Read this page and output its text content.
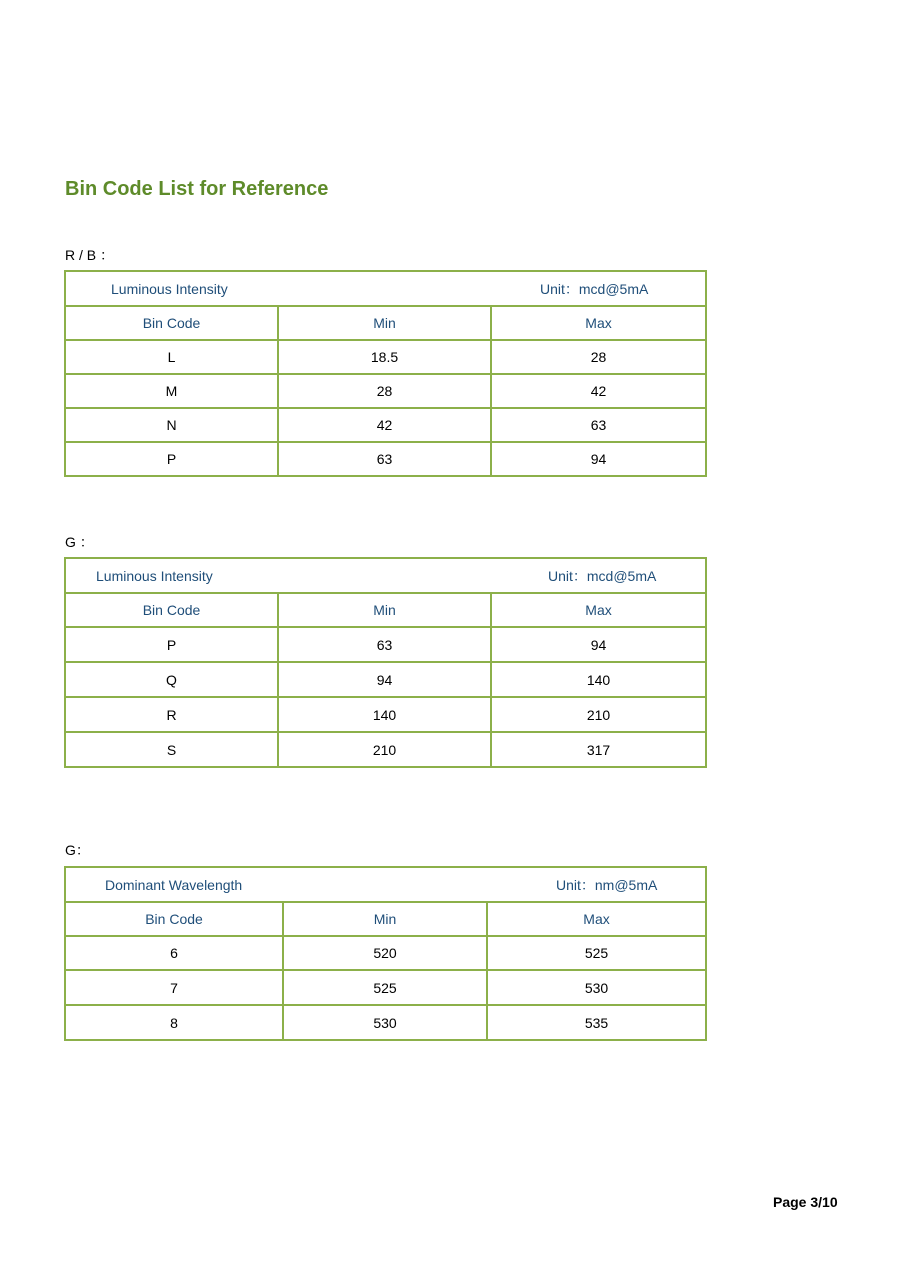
Bin Code List for Reference
R / B ：
Luminous Intensity Unit：mcd@5mA		

Bin Code	Min	Max
L	18.5	28
M	28	42
N	42	63
P	63	94
G ：
Luminous Intensity Unit：mcd@5mA		

Bin Code	Min	Max
P	63	94
Q	94	140
R	140	210
S	210	317
G：
Dominant Wavelength Unit：nm@5mA		

Bin Code	Min	Max
6	520	525
7	525	530
8	530	535
Page 3/10
